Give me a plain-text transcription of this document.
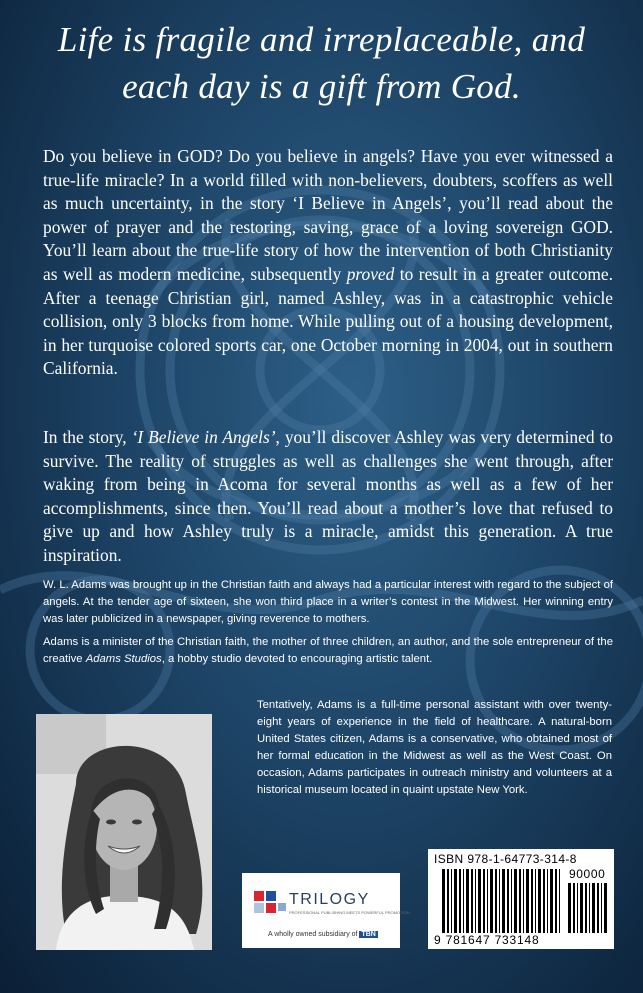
Life is fragile and irreplaceable, and
each day is a gift from God.
Do you believe in GOD? Do you believe in angels? Have you ever witnessed a true-life miracle? In a world filled with non-believers, doubters, scoffers as well as much uncertainty, in the story ‘I Believe in Angels’, you’ll read about the power of prayer and the restoring, saving, grace of a loving sovereign GOD. You’ll learn about the true-life story of how the intervention of both Christianity as well as modern medicine, subsequently proved to result in a greater outcome. After a teenage Christian girl, named Ashley, was in a catastrophic vehicle collision, only 3 blocks from home. While pulling out of a housing development, in her turquoise colored sports car, one October morning in 2004, out in southern California.
In the story, ‘I Believe in Angels’, you’ll discover Ashley was very determined to survive. The reality of struggles as well as challenges she went through, after waking from being in Acoma for several months as well as a few of her accomplishments, since then. You’ll read about a mother’s love that refused to give up and how Ashley truly is a miracle, amidst this generation. A true inspiration.
W. L. Adams was brought up in the Christian faith and always had a particular interest with regard to the subject of angels. At the tender age of sixteen, she won third place in a writer’s contest in the Midwest. Her winning entry was later publicized in a newspaper, giving reverence to mothers.
Adams is a minister of the Christian faith, the mother of three children, an author, and the sole entrepreneur of the creative Adams Studios, a hobby studio devoted to encouraging artistic talent.
Tentatively, Adams is a full-time personal assistant with over twenty-eight years of experience in the field of healthcare. A natural-born United States citizen, Adams is a conservative, who obtained most of her formal education in the Midwest as well as the West Coast. On occasion, Adams participates in outreach ministry and volunteers at a historical museum located in quaint upstate New York.
TRILOGY
PROFESSIONAL PUBLISHING MEETS POWERFUL PROMOTION
A wholly owned subsidiary of TBN
ISBN 978-1-64773-314-8
90000
9 781647 733148
